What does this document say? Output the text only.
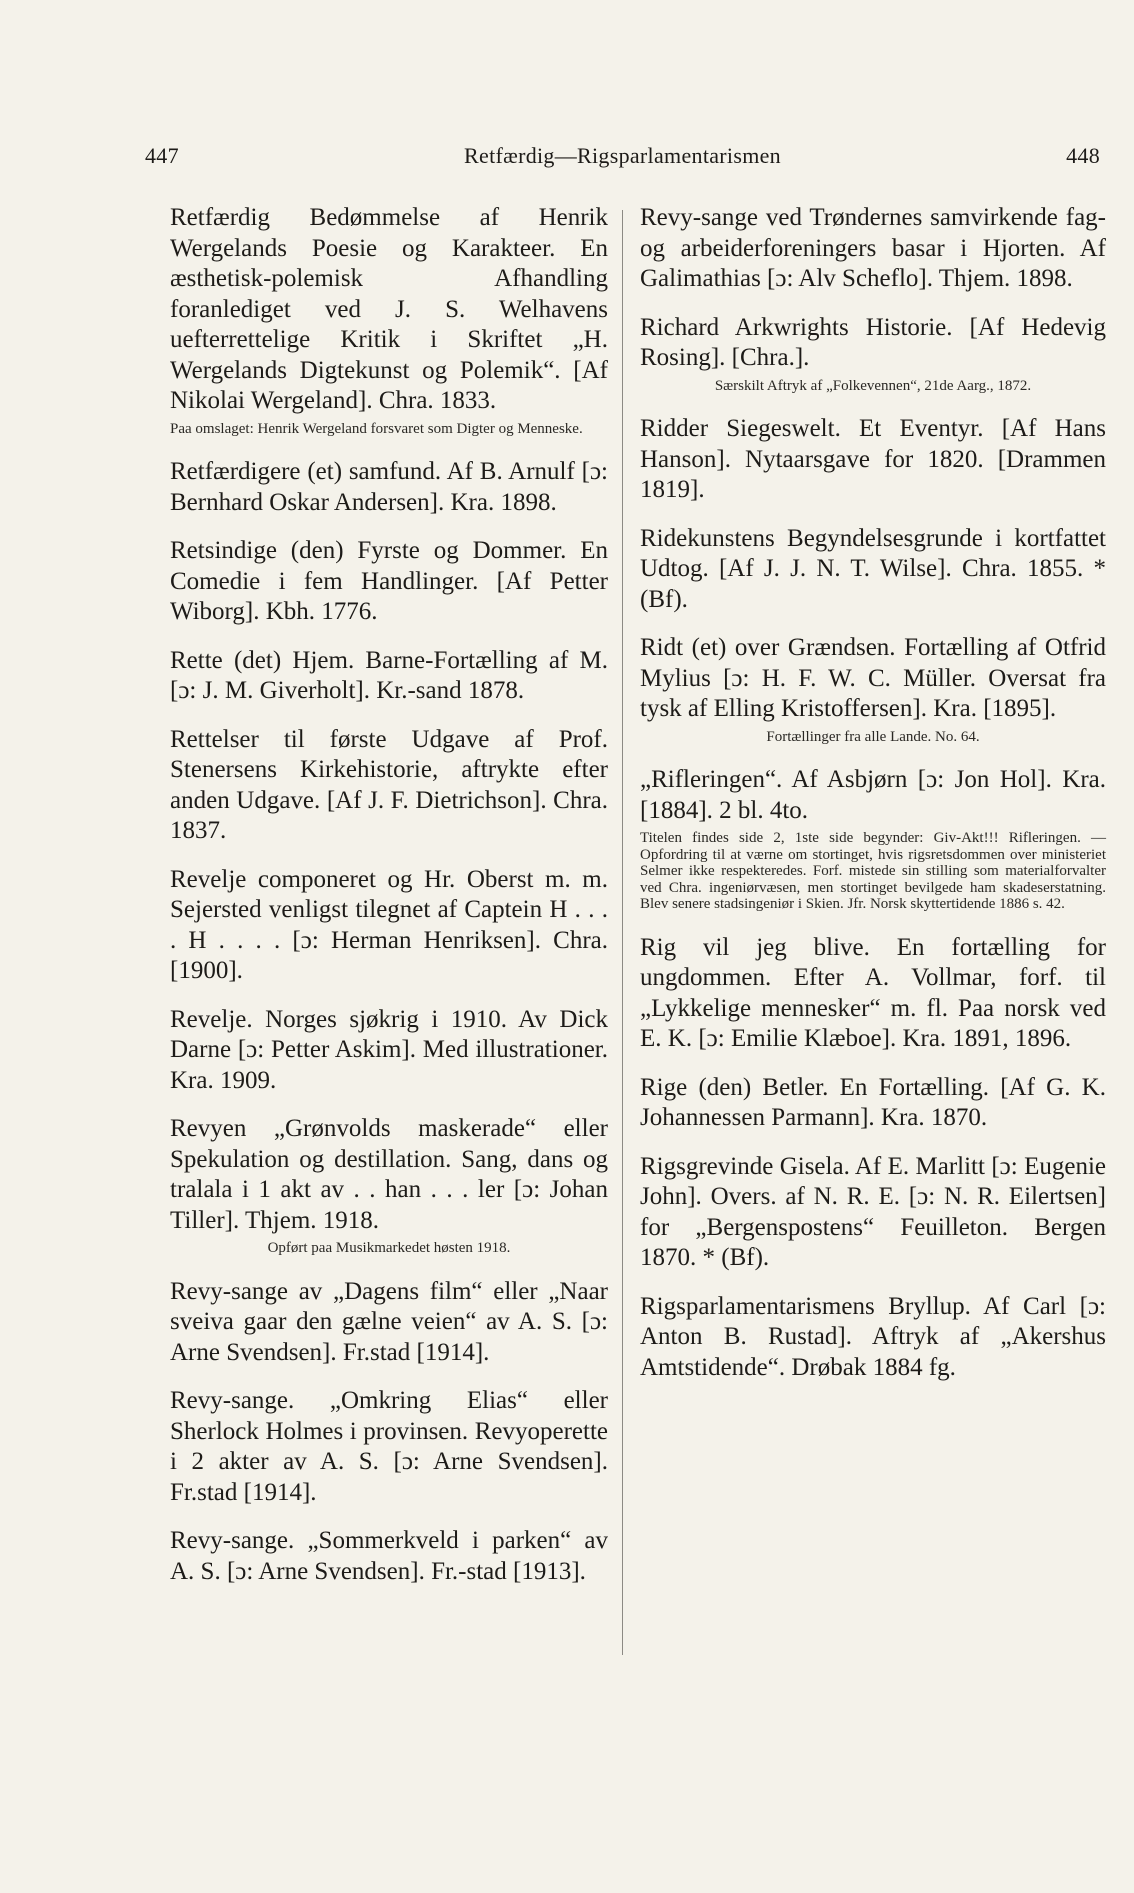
447	Retfærdig—Rigsparlamentarismen	448

Retfærdig Bedømmelse af Henrik Wergelands Poesie og Karakteer. En æsthetisk-polemisk Afhandling foranlediget ved J. S. Welhavens uefterrettelige Kritik i Skriftet „H. Wergelands Digtekunst og Polemik“. [Af Nikolai Wergeland]. Chra. 1833.

Paa omslaget: Henrik Wergeland forsvaret som Digter og Menneske.

Retfærdigere (et) samfund. Af B. Arnulf [ɔ: Bernhard Oskar Andersen]. Kra. 1898.

Retsindige (den) Fyrste og Dommer. En Comedie i fem Handlinger. [Af Petter Wiborg]. Kbh. 1776.

Rette (det) Hjem. Barne-Fortælling af M. [ɔ: J. M. Giverholt]. Kr.-sand 1878.

Rettelser til første Udgave af Prof. Stenersens Kirkehistorie, aftrykte efter anden Udgave. [Af J. F. Dietrichson]. Chra. 1837.

Revelje componeret og Hr. Oberst m. m. Sejersted venligst tilegnet af Captein H . . . . H . . . . [ɔ: Herman Henriksen]. Chra. [1900].

Revelje. Norges sjøkrig i 1910. Av Dick Darne [ɔ: Petter Askim]. Med illustrationer. Kra. 1909.

Revyen „Grønvolds maskerade“ eller Spekulation og destillation. Sang, dans og tralala i 1 akt av . . han . . . ler [ɔ: Johan Tiller]. Thjem. 1918.

Opført paa Musikmarkedet høsten 1918.

Revy-sange av „Dagens film“ eller „Naar sveiva gaar den gælne veien“ av A. S. [ɔ: Arne Svendsen]. Fr.stad [1914].

Revy-sange. „Omkring Elias“ eller Sherlock Holmes i provinsen. Revyoperette i 2 akter av A. S. [ɔ: Arne Svendsen]. Fr.stad [1914].

Revy-sange. „Sommerkveld i parken“ av A. S. [ɔ: Arne Svendsen]. Fr.-stad [1913].

Revy-sange ved Trøndernes samvirkende fag- og arbeiderforeningers basar i Hjorten. Af Galimathias [ɔ: Alv Scheflo]. Thjem. 1898.

Richard Arkwrights Historie. [Af Hedevig Rosing]. [Chra.].

Særskilt Aftryk af „Folkevennen“, 21de Aarg., 1872.

Ridder Siegeswelt. Et Eventyr. [Af Hans Hanson]. Nytaarsgave for 1820. [Drammen 1819].

Ridekunstens Begyndelsesgrunde i kortfattet Udtog. [Af J. J. N. T. Wilse]. Chra. 1855. * (Bf).

Ridt (et) over Grændsen. Fortælling af Otfrid Mylius [ɔ: H. F. W. C. Müller. Oversat fra tysk af Elling Kristoffersen]. Kra. [1895].

Fortællinger fra alle Lande. No. 64.

„Rifleringen“. Af Asbjørn [ɔ: Jon Hol]. Kra. [1884]. 2 bl. 4to.

Titelen findes side 2, 1ste side begynder: Giv-Akt!!! Rifleringen. — Opfordring til at værne om stortinget, hvis rigsretsdommen over ministeriet Selmer ikke respekteredes. Forf. mistede sin stilling som materialforvalter ved Chra. ingeniørvæsen, men stortinget bevilgede ham skadeserstatning. Blev senere stadsingeniør i Skien. Jfr. Norsk skyttertidende 1886 s. 42.

Rig vil jeg blive. En fortælling for ungdommen. Efter A. Vollmar, forf. til „Lykkelige mennesker“ m. fl. Paa norsk ved E. K. [ɔ: Emilie Klæboe]. Kra. 1891, 1896.

Rige (den) Betler. En Fortælling. [Af G. K. Johannessen Parmann]. Kra. 1870.

Rigsgrevinde Gisela. Af E. Marlitt [ɔ: Eugenie John]. Overs. af N. R. E. [ɔ: N. R. Eilertsen] for „Bergenspostens“ Feuilleton. Bergen 1870. * (Bf).

Rigsparlamentarismens Bryllup. Af Carl [ɔ: Anton B. Rustad]. Aftryk af „Akershus Amtstidende“. Drøbak 1884 fg.
